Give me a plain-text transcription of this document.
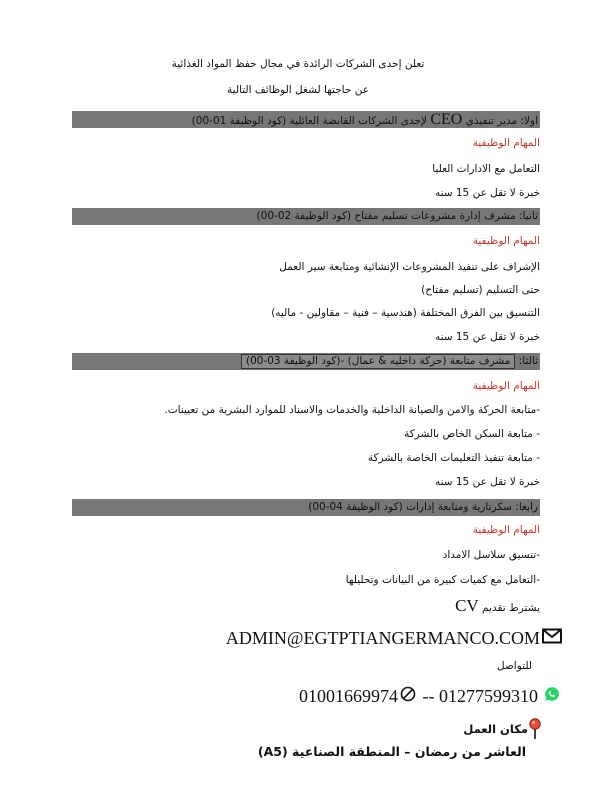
تعلن إحدى الشركات الرائدة في مجال حفظ المواد الغذائية
عن حاجتها لشغل الوظائف التالية
اولا: مدير تنفيذي CEO لإحدى الشركات القابضة العائلية (كود الوظيفة 01-00)
المهام الوظيفية
التعامل مع الادارات العليا
خبرة لا تقل عن 15 سنه
ثانيا: مشرف إدارة مشروعات تسليم مفتاح (كود الوظيفة 02-00)
المهام الوظيفية
الإشراف على تنفيذ المشروعات الإنشائية ومتابعة سير العمل
حتى التسليم (تسليم مفتاح)
التنسيق بين الفرق المختلفة (هندسية – فنية – مقاولين - ماليه)
خبرة لا تقل عن 15 سنه
ثالثا: مشرف متابعة (حركة داخليه & عمال) -(كود الوظيفة 03-00)
المهام الوظيفية
-متابعة الحركة والامن والصيانة الداخلية والخدمات والاسناد للموارد البشرية من تعيينات.
- متابعة السكن الخاص بالشركة
- متابعة تنفيذ التعليمات الخاصة بالشركة
خبرة لا تقل عن 15 سنه
رابعا: سكرتارية ومتابعة إدارات (كود الوظيفة 04-00)
المهام الوظيفية
-تنسيق سلاسل الامداد
-التعامل مع كميات كبيرة من البيانات وتحليلها
يشترط تقديم CV
ADMIN@EGTPTIANGERMANCO.COM
للتواصل
01001669974 -- 01277599310
مكان العمل
العاشر من رمضان – المنطقة الصناعية (A5)
